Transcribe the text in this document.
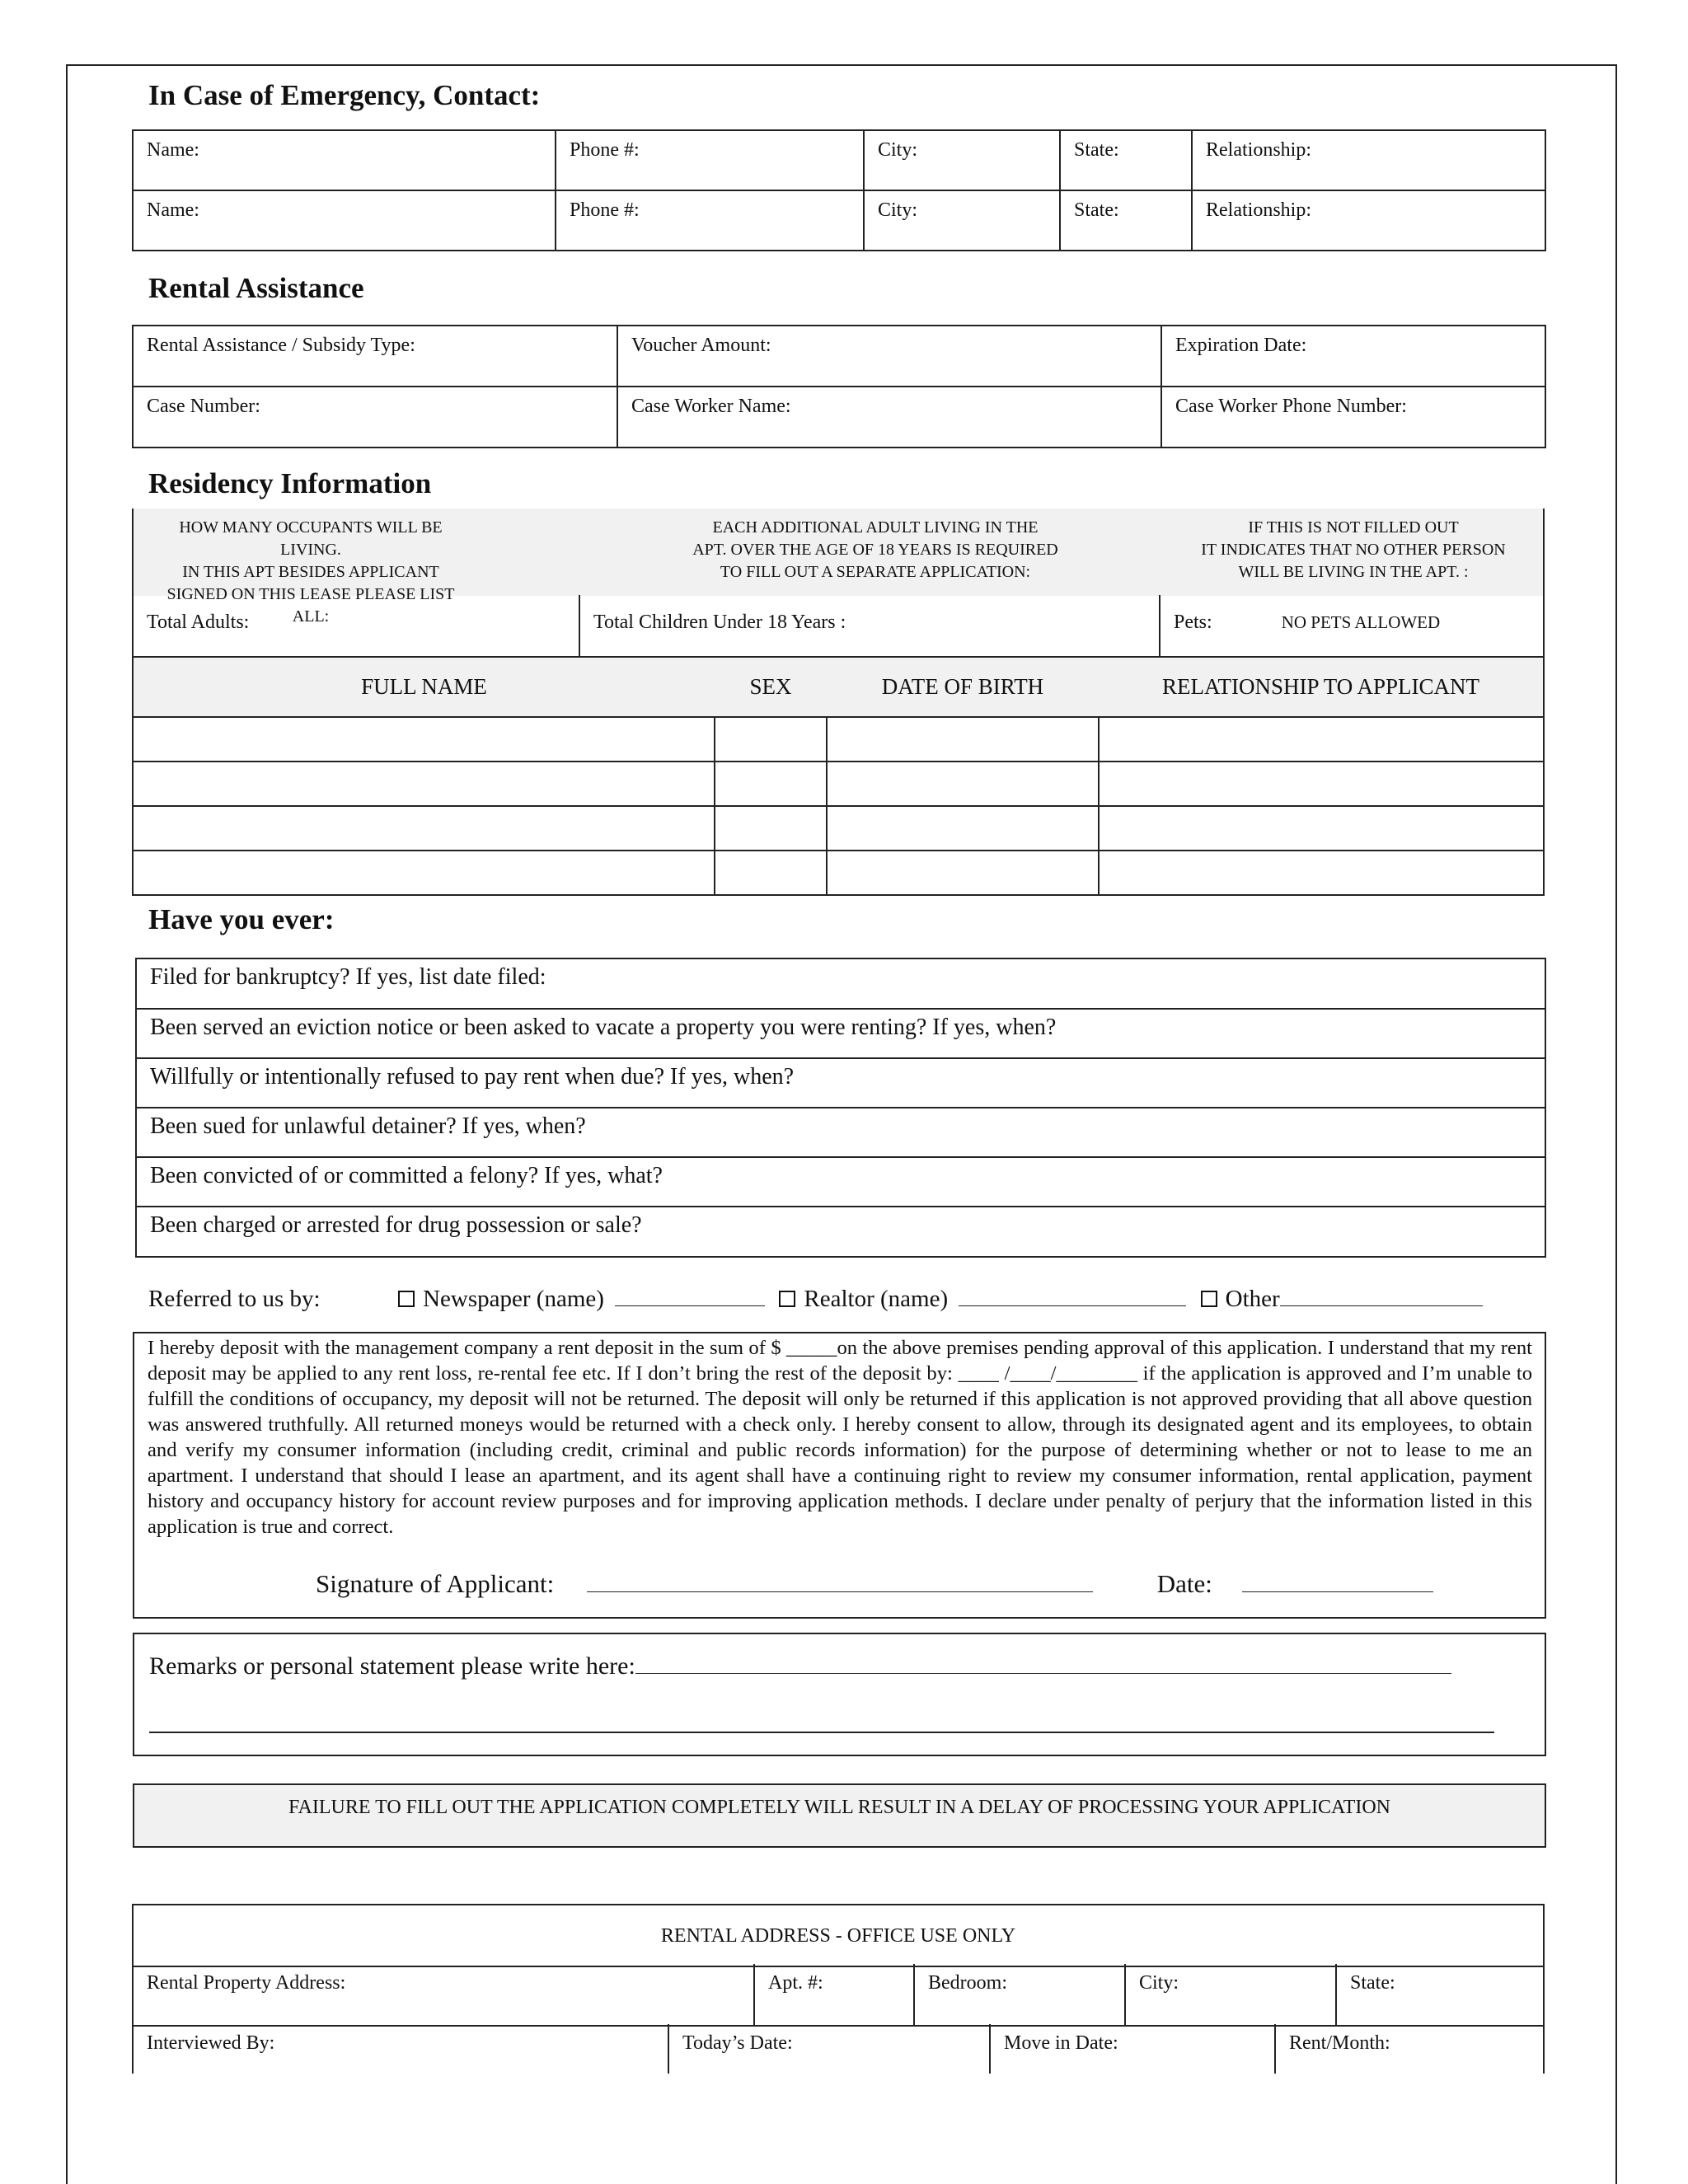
In Case of Emergency, Contact:
Name:	Phone #:	City:	State:	Relationship:
Name:	Phone #:	City:	State:	Relationship:
Rental Assistance
Rental Assistance / Subsidy Type:	Voucher Amount:	Expiration Date:
Case Number:	Case Worker Name:	Case Worker Phone Number:
Residency Information
HOW MANY OCCUPANTS WILL BE LIVING.
IN THIS APT BESIDES APPLICANT
SIGNED ON THIS LEASE PLEASE LIST ALL:
EACH ADDITIONAL ADULT LIVING IN THE
APT. OVER THE AGE OF 18 YEARS IS REQUIRED
TO FILL OUT A SEPARATE APPLICATION:
IF THIS IS NOT FILLED OUT
IT INDICATES THAT NO OTHER PERSON
WILL BE LIVING IN THE APT. :
Total Adults:	Total Children Under 18 Years :	Pets:	NO PETS ALLOWED
FULL NAME	SEX	DATE OF BIRTH	RELATIONSHIP TO APPLICANT

Have you ever:
Filed for bankruptcy? If yes, list date filed:
Been served an eviction notice or been asked to vacate a property you were renting? If yes, when?
Willfully or intentionally refused to pay rent when due? If yes, when?
Been sued for unlawful detainer? If yes, when?
Been convicted of or committed a felony? If yes, what?
Been charged or arrested for drug possession or sale?
Referred to us by:	Newspaper (name)	Realtor (name)	Other
I hereby deposit with the management company a rent deposit in the sum of $ _____on the above premises pending approval of this application. I understand that my rent deposit may be applied to any rent loss, re-rental fee etc. If I don’t bring the rest of the deposit by: ____ /____/________ if the application is approved and I’m unable to fulfill the conditions of occupancy, my deposit will not be returned. The deposit will only be returned if this application is not approved providing that all above question was answered truthfully. All returned moneys would be returned with a check only. I hereby consent to allow, through its designated agent and its employees, to obtain and verify my consumer information (including credit, criminal and public records information) for the purpose of determining whether or not to lease to me an apartment. I understand that should I lease an apartment, and its agent shall have a continuing right to review my consumer information, rental application, payment history and occupancy history for account review purposes and for improving application methods. I declare under penalty of perjury that the information listed in this application is true and correct.
Signature of Applicant:	Date:
Remarks or personal statement please write here:
FAILURE TO FILL OUT THE APPLICATION COMPLETELY WILL RESULT IN A DELAY OF PROCESSING YOUR APPLICATION
RENTAL ADDRESS - OFFICE USE ONLY
Rental Property Address:	Apt. #:	Bedroom:	City:	State:
Interviewed By:	Today’s Date:	Move in Date:	Rent/Month:
